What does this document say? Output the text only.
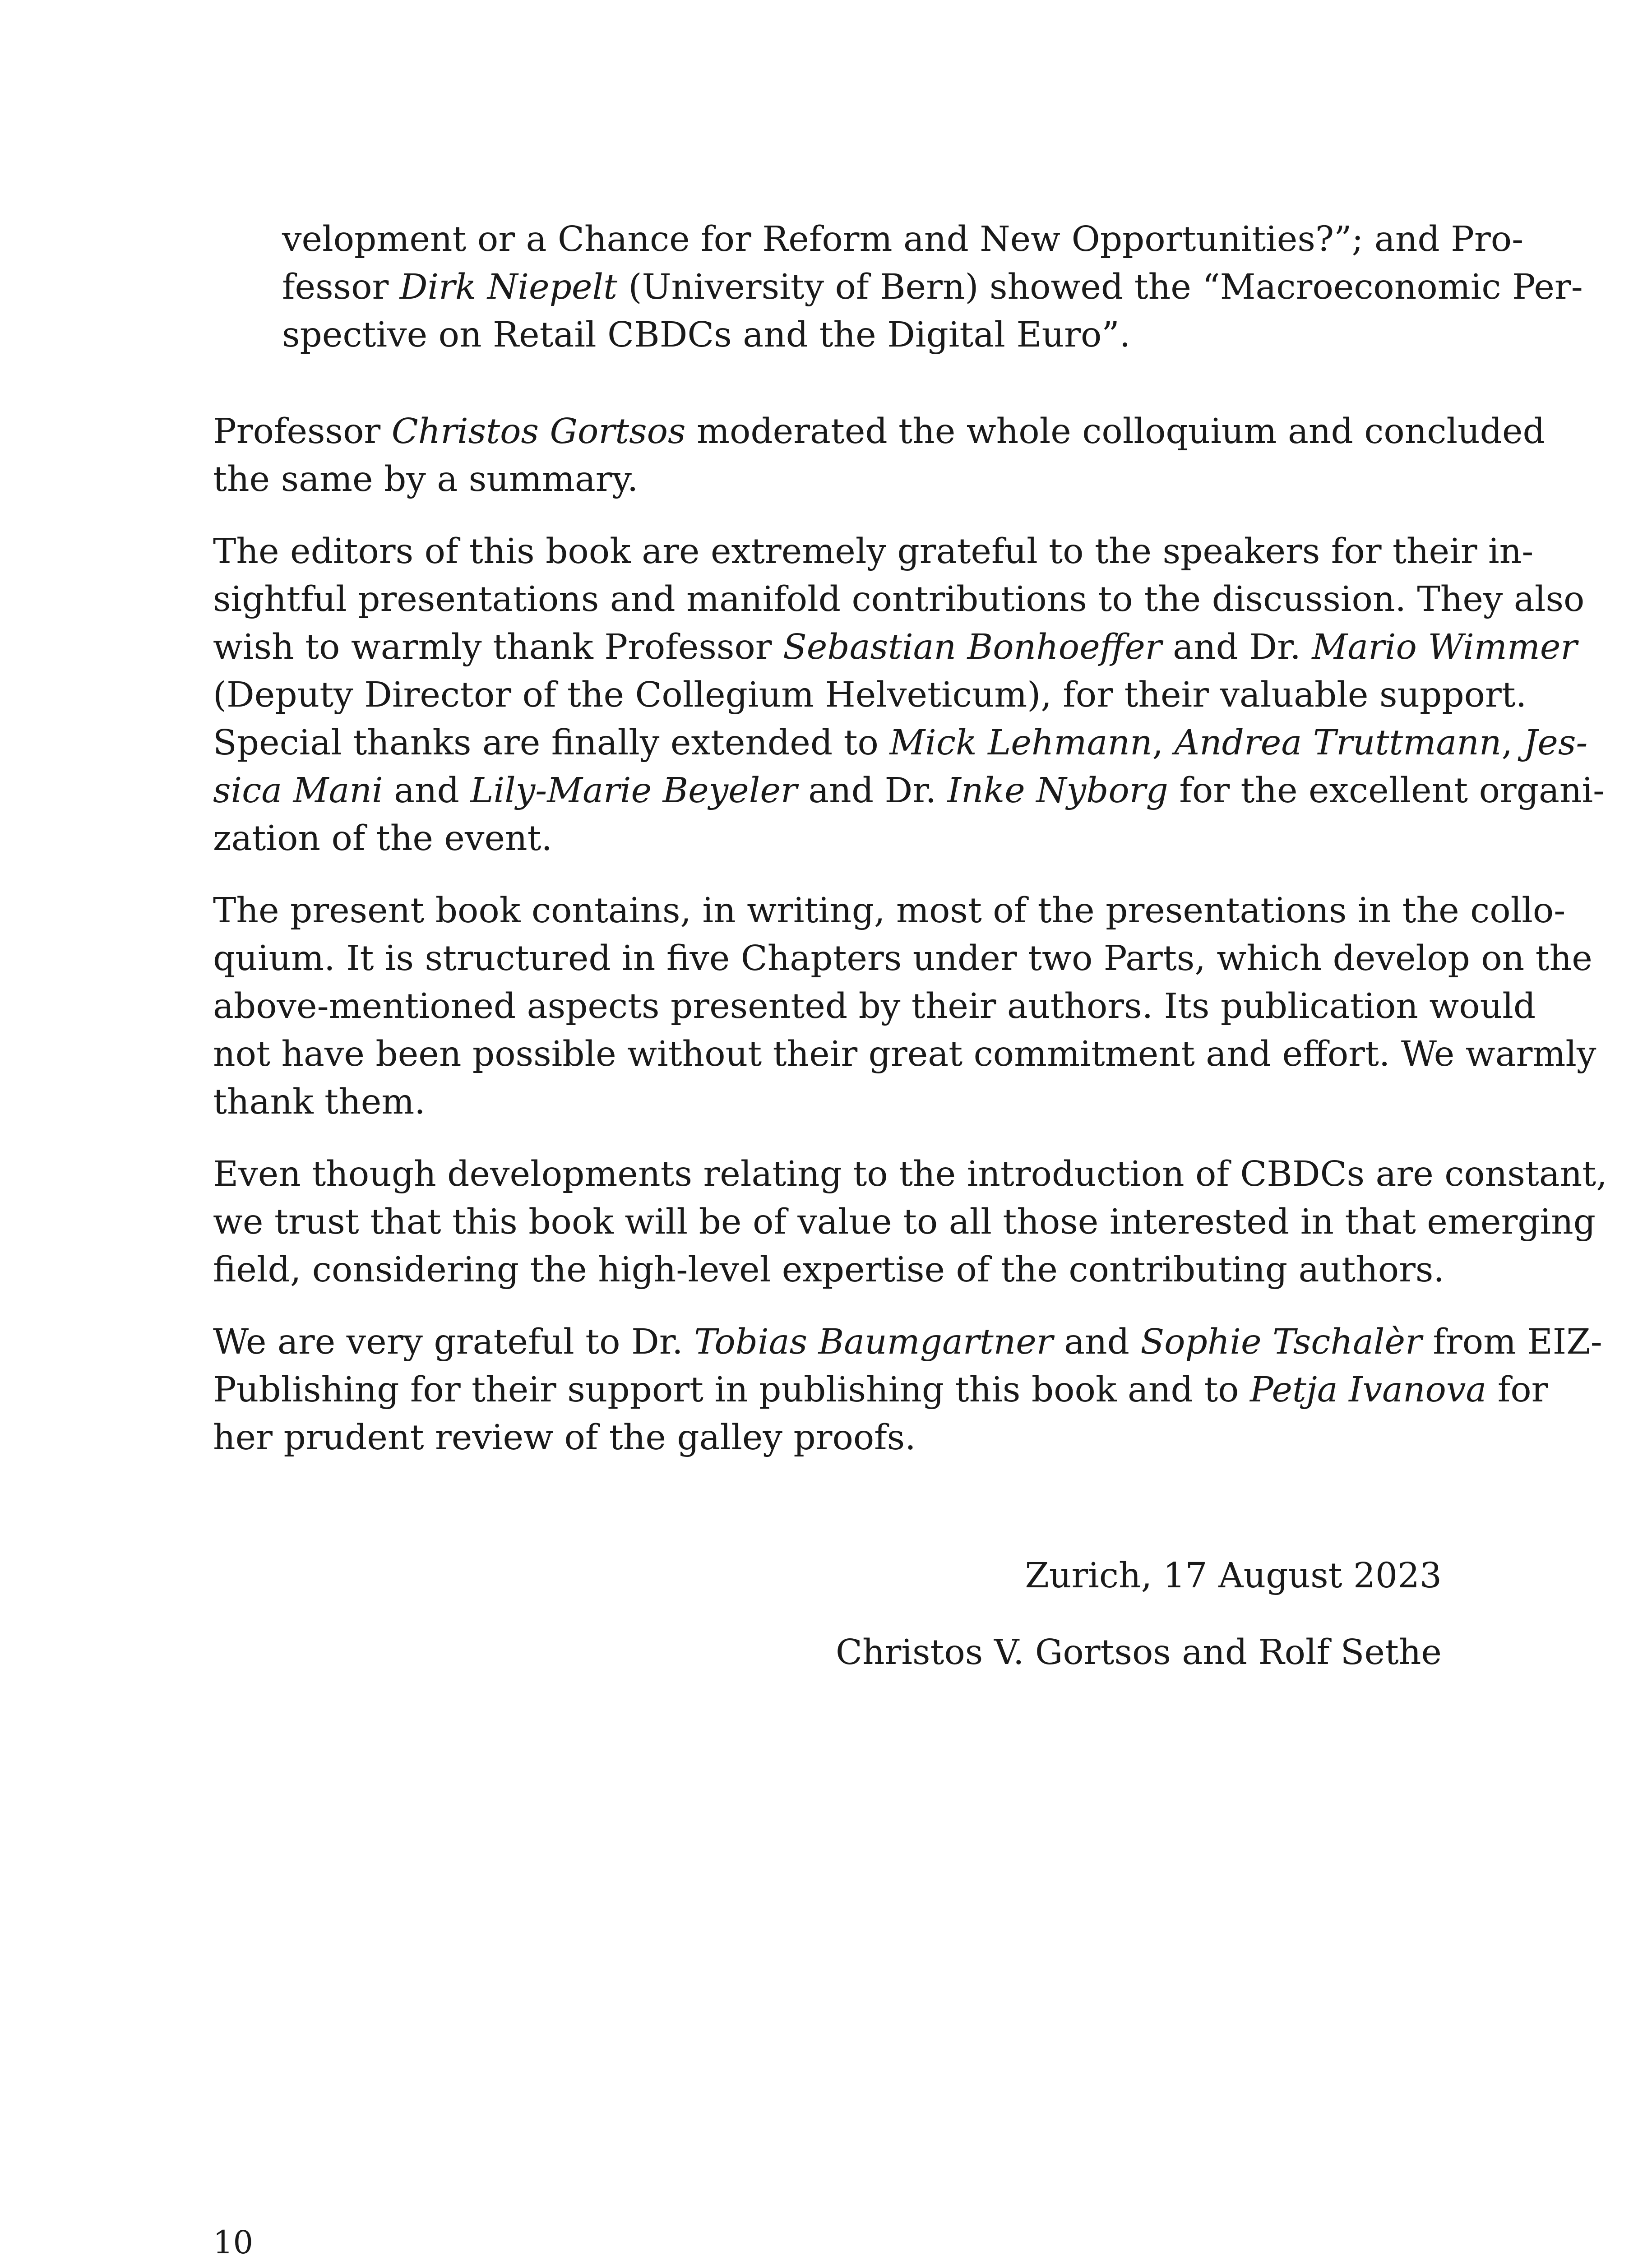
velopment or a Chance for Reform and New Opportunities?”; and Pro-
fessor Dirk Niepelt (University of Bern) showed the “Macroeconomic Per-
spective on Retail CBDCs and the Digital Euro”.
Professor Christos Gortsos moderated the whole colloquium and concluded
the same by a summary.
The editors of this book are extremely grateful to the speakers for their in-
sightful presentations and manifold contributions to the discussion. They also
wish to warmly thank Professor Sebastian Bonhoeffer and Dr. Mario Wimmer
(Deputy Director of the Collegium Helveticum), for their valuable support.
Special thanks are finally extended to Mick Lehmann, Andrea Truttmann, Jes-
sica Mani and Lily-Marie Beyeler and Dr. Inke Nyborg for the excellent organi-
zation of the event.
The present book contains, in writing, most of the presentations in the collo-
quium. It is structured in five Chapters under two Parts, which develop on the
above-mentioned aspects presented by their authors. Its publication would
not have been possible without their great commitment and effort. We warmly
thank them.
Even though developments relating to the introduction of CBDCs are constant,
we trust that this book will be of value to all those interested in that emerging
field, considering the high-level expertise of the contributing authors.
We are very grateful to Dr. Tobias Baumgartner and Sophie Tschalèr from EIZ-
Publishing for their support in publishing this book and to Petja Ivanova for
her prudent review of the galley proofs.
Zurich, 17 August 2023
Christos V. Gortsos and Rolf Sethe
10
